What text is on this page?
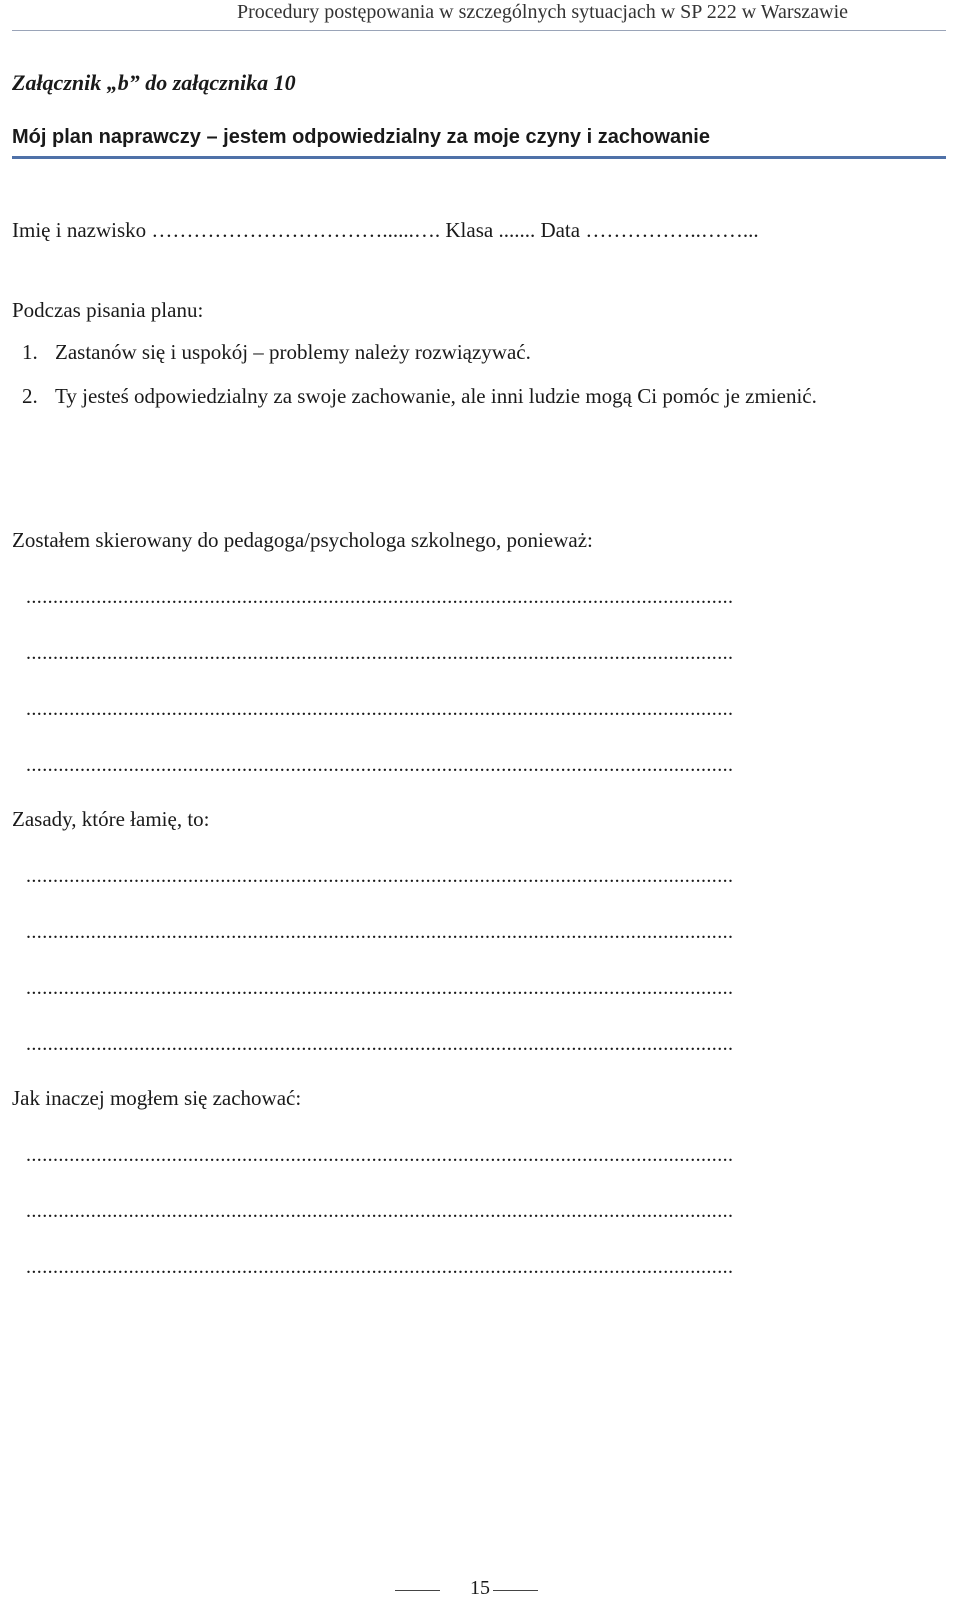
Procedury postępowania w szczególnych sytuacjach w SP 222 w Warszawie
Załącznik „b” do załącznika 10
Mój plan naprawczy – jestem odpowiedzialny za moje czyny i zachowanie
Imię i nazwisko ……………………………......…. Klasa ....... Data ……………..……...
Podczas pisania planu:
1. Zastanów się i uspokój – problemy należy rozwiązywać.
2. Ty jesteś odpowiedzialny za swoje zachowanie, ale inni ludzie mogą Ci pomóc je zmienić.
Zostałem skierowany do pedagoga/psychologa szkolnego, ponieważ:
...................................................................................................................................
...................................................................................................................................
...................................................................................................................................
...................................................................................................................................
Zasady, które łamię, to:
...................................................................................................................................
...................................................................................................................................
...................................................................................................................................
...................................................................................................................................
Jak inaczej mogłem się zachować:
...................................................................................................................................
...................................................................................................................................
...................................................................................................................................
15
